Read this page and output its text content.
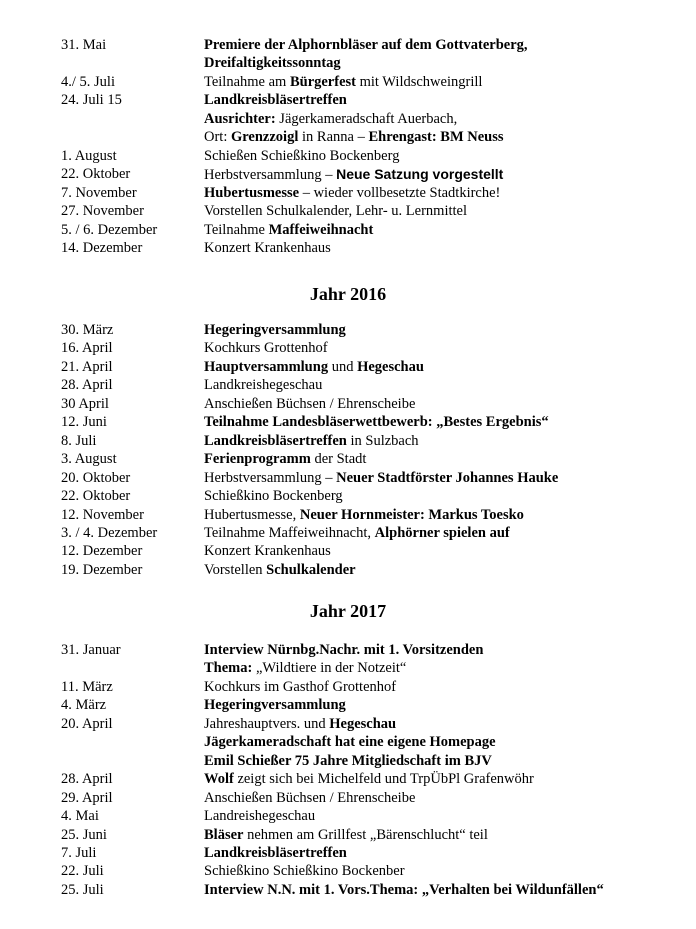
31. Mai	Premiere der Alphornbläser auf dem Gottvaterberg,
Dreifaltigkeitssonntag
4./ 5. Juli	Teilnahme am Bürgerfest mit Wildschweingrill
24. Juli 15	Landkreisbläsertreffen
Ausrichter: Jägerkameradschaft Auerbach,
Ort: Grenzzoigl in Ranna – Ehrengast: BM Neuss
1. August	Schießen Schießkino Bockenberg
22. Oktober	Herbstversammlung – Neue Satzung vorgestellt
7. November	Hubertusmesse – wieder vollbesetzte Stadtkirche!
27. November	Vorstellen Schulkalender, Lehr- u. Lernmittel
5. / 6. Dezember	Teilnahme Maffeiweihnacht
14. Dezember	Konzert Krankenhaus
Jahr 2016
30. März	Hegeringversammlung
16. April	Kochkurs Grottenhof
21. April	Hauptversammlung und Hegeschau
28. April	Landkreishegeschau
30 April	Anschießen Büchsen / Ehrenscheibe
12. Juni	Teilnahme Landesbläserwettbewerb: „Bestes Ergebnis“
8. Juli	Landkreisbläsertreffen in Sulzbach
3. August	Ferienprogramm der Stadt
20. Oktober	Herbstversammlung – Neuer Stadtförster Johannes Hauke
22. Oktober	Schießkino Bockenberg
12. November	Hubertusmesse, Neuer Hornmeister: Markus Toesko
3. / 4. Dezember	Teilnahme Maffeiweihnacht, Alphörner spielen auf
12. Dezember	Konzert Krankenhaus
19. Dezember	Vorstellen Schulkalender
Jahr 2017
31. Januar	Interview Nürnbg.Nachr. mit 1. Vorsitzenden
Thema: „Wildtiere in der Notzeit“
11. März	Kochkurs im Gasthof Grottenhof
4. März	Hegeringversammlung
20. April	Jahreshauptvers. und Hegeschau
Jägerkameradschaft hat eine eigene Homepage
Emil Schießer 75 Jahre Mitgliedschaft im BJV
28. April	Wolf zeigt sich bei Michelfeld und TrpÜbPl Grafenwöhr
29. April	Anschießen Büchsen / Ehrenscheibe
4. Mai	Landreishegeschau
25. Juni	Bläser nehmen am Grillfest „Bärenschlucht“ teil
7. Juli	Landkreisbläsertreffen
22. Juli	Schießkino Schießkino Bockenber
25. Juli	Interview N.N. mit 1. Vors.Thema: „Verhalten bei Wildunfällen“
